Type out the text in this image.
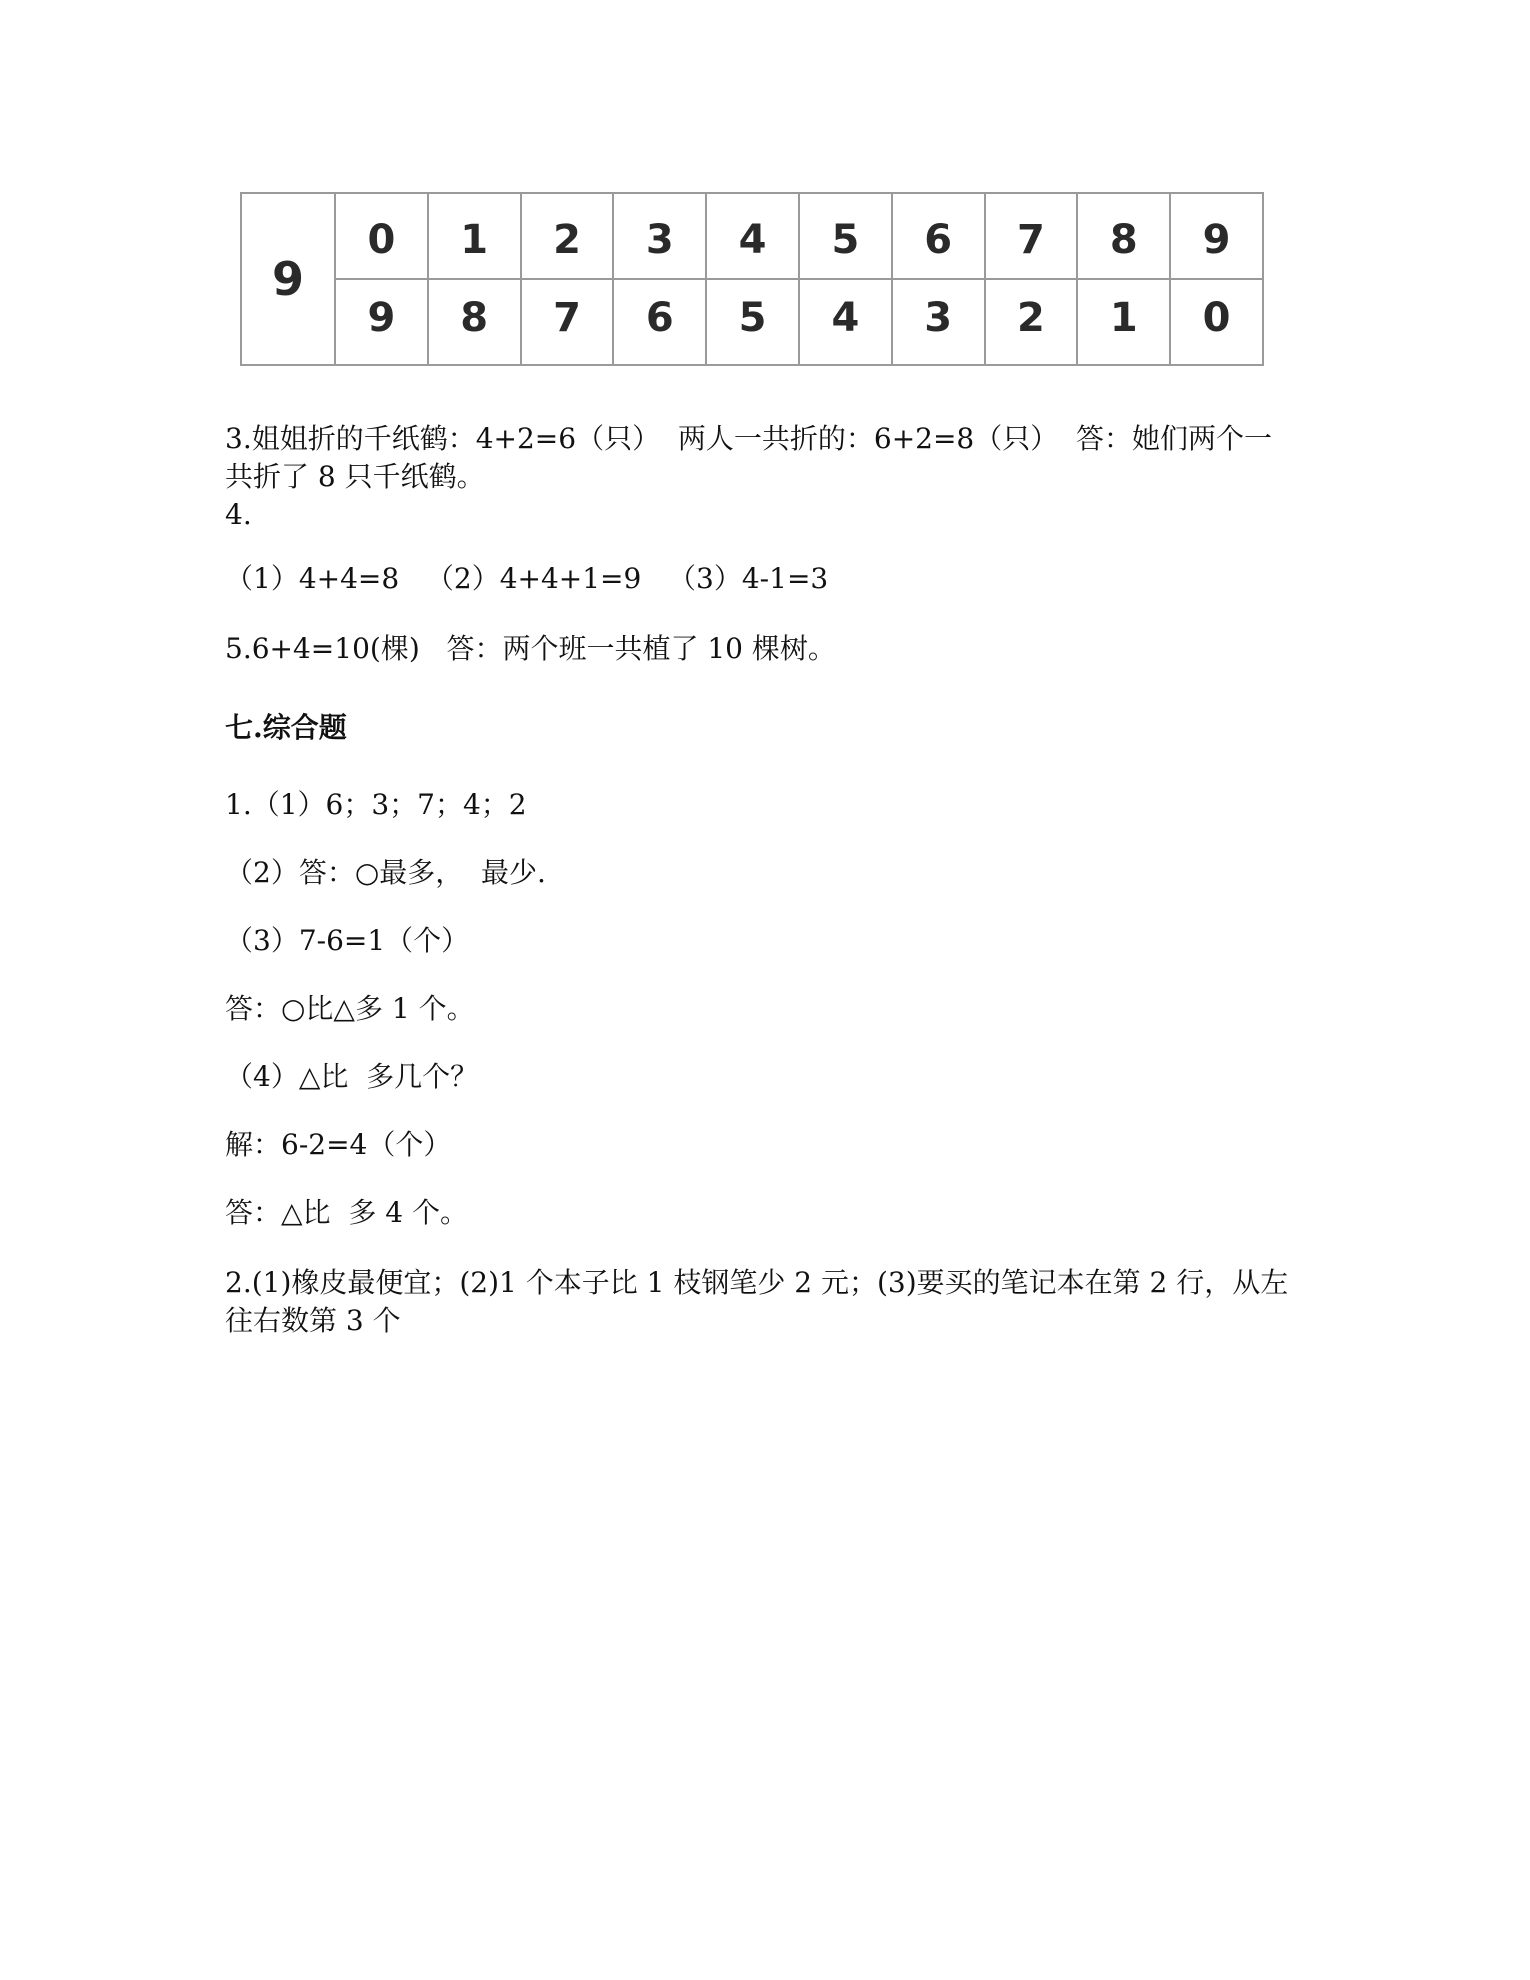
9	0	1	2	3	4	5	6	7	8	9
	9	8	7	6	5	4	3	2	1	0
3.姐姐折的千纸鹤：4+2=6（只）  两人一共折的：6+2=8（只）  答：她们两个一
共折了 8 只千纸鹤。
4.
（1）4+4=8   （2）4+4+1=9   （3）4-1=3
5.6+4=10(棵)   答：两个班一共植了 10 棵树。
七.综合题
1.（1）6；3；7；4；2
（2）答：○最多，  最少.
（3）7-6=1（个）
答：○比△多 1 个。
（4）△比  多几个？
解：6-2=4（个）
答：△比  多 4 个。
2.(1)橡皮最便宜；(2)1 个本子比 1 枝钢笔少 2 元；(3)要买的笔记本在第 2 行，从左
往右数第 3 个
